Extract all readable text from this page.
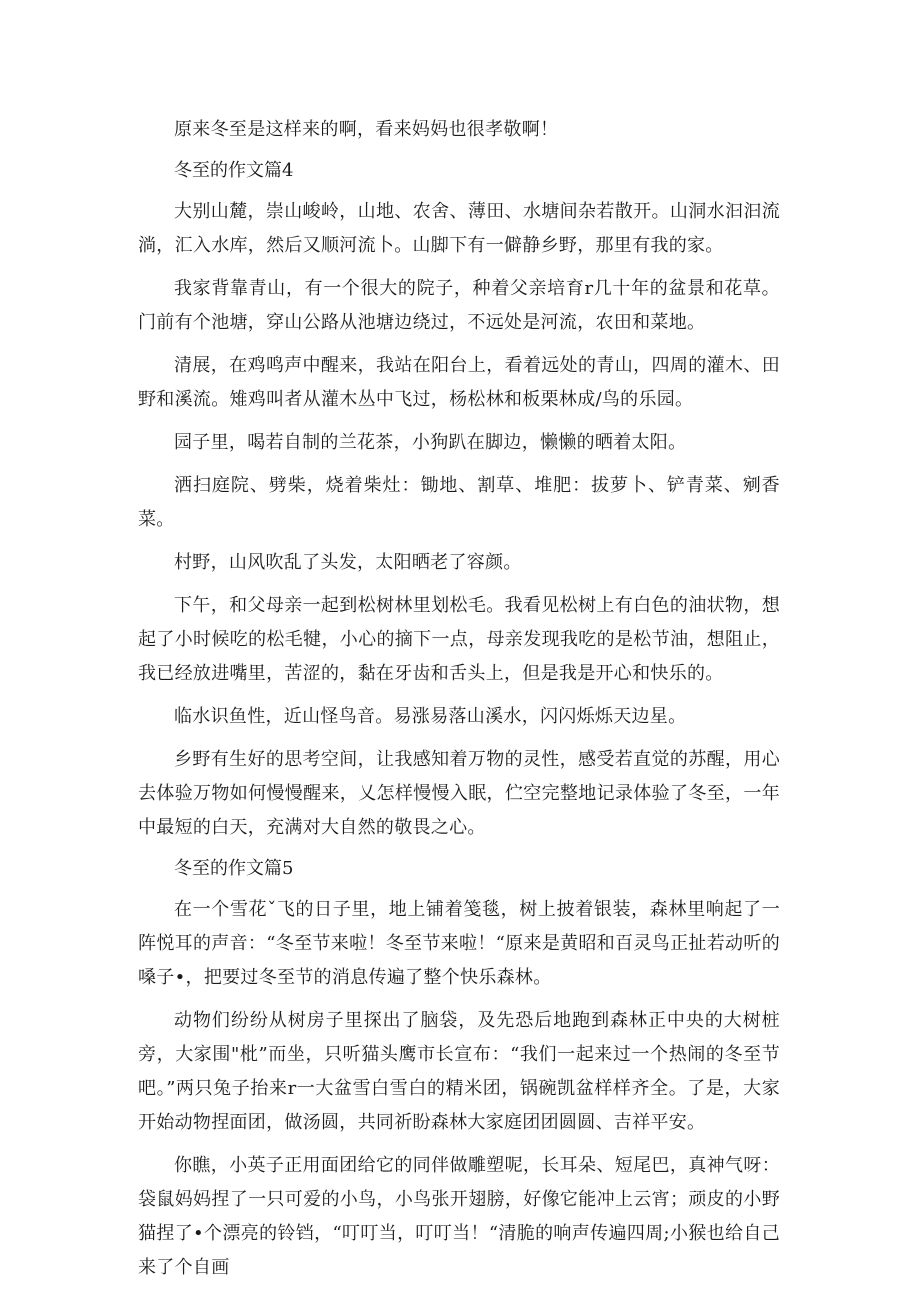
原来冬至是这样来的啊，看来妈妈也很孝敬啊！

冬至的作文篇4

大别山麓，崇山峻岭，山地、农舍、薄田、水塘间杂若散开。山洞水汩汩流淌，汇入水库，然后又顺河流卜。山脚下有一僻静乡野，那里有我的家。

我家背靠青山，有一个很大的院子，种着父亲培育r几十年的盆景和花草。门前有个池塘，穿山公路从池塘边绕过，不远处是河流，农田和菜地。

清展，在鸡鸣声中醒来，我站在阳台上，看着远处的青山，四周的灌木、田野和溪流。雉鸡叫者从灌木丛中飞过，杨松林和板栗林成/鸟的乐园。

园子里，喝若自制的兰花茶，小狗趴在脚边，懒懒的晒着太阳。

洒扫庭院、劈柴，烧着柴灶：锄地、割草、堆肥：拔萝卜、铲青菜、剜香菜。

村野，山风吹乱了头发，太阳晒老了容颜。

下午，和父母亲一起到松树林里划松毛。我看见松树上有白色的油状物，想起了小时候吃的松毛犍，小心的摘下一点，母亲发现我吃的是松节油，想阻止，我已经放进嘴里，苦涩的，黏在牙齿和舌头上，但是我是开心和快乐的。

临水识鱼性，近山怪鸟音。易涨易落山溪水，闪闪烁烁天边星。

乡野有生好的思考空间，让我感知着万物的灵性，感受若直觉的苏醒，用心去体验万物如何慢慢醒来，乂怎样慢慢入眠，伫空完整地记录体验了冬至，一年中最短的白天，充满对大自然的敬畏之心。

冬至的作文篇5

在一个雪花ˇ飞的日子里，地上铺着笺毯，树上披着银装，森林里响起了一阵悦耳的声音：“冬至节来啦！冬至节来啦！“原来是黄昭和百灵鸟正扯若动听的嗓子•，把要过冬至节的消息传遍了整个快乐森林。

动物们纷纷从树房子里探出了脑袋，及先恐后地跑到森林正中央的大树桩旁，大家围"枇”而坐，只听猫头鹰市长宣布：“我们一起来过一个热闹的冬至节吧。”两只兔子抬来r一大盆雪白雪白的精米团，锅碗凯盆样样齐全。了是，大家开始动物捏面团，做汤圆，共同祈盼森林大家庭团团圆圆、吉祥平安。

你瞧，小英子正用面团给它的同伴做雕塑呢，长耳朵、短尾巴，真神气呀：袋鼠妈妈捏了一只可爱的小鸟，小鸟张开翅膀，好像它能冲上云宵；顽皮的小野猫捏了•个漂亮的铃铛，“叮叮当，叮叮当！“清脆的响声传遍四周;小猴也给自己来了个自画
